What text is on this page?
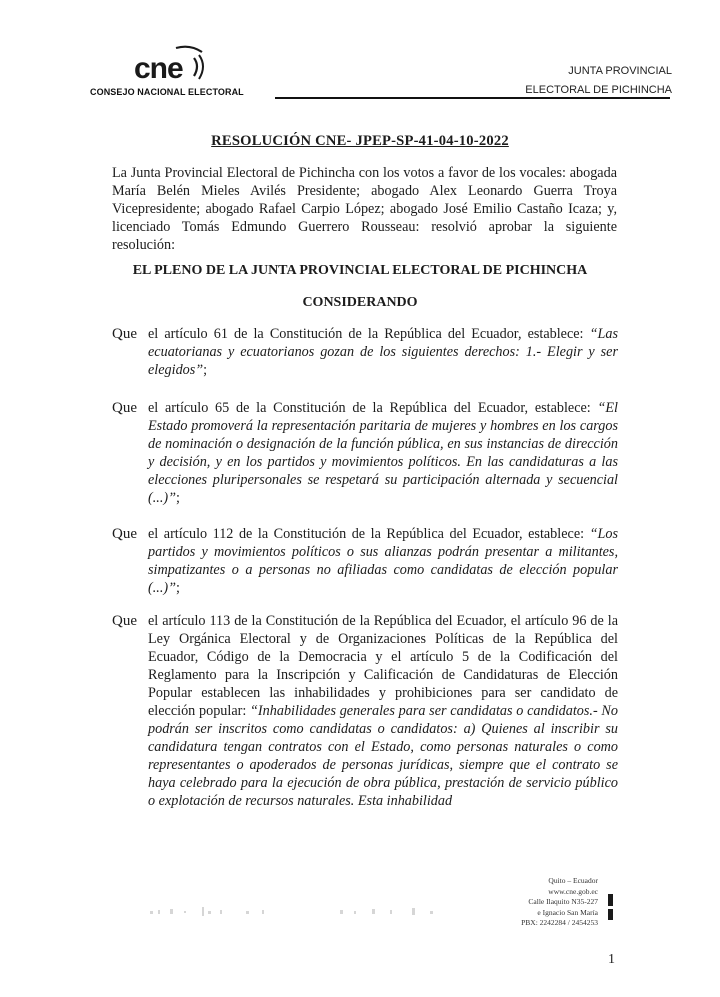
cne
CONSEJO NACIONAL ELECTORAL
JUNTA PROVINCIAL
ELECTORAL DE PICHINCHA
RESOLUCIÓN CNE- JPEP-SP-41-04-10-2022
La Junta Provincial Electoral de Pichincha con los votos a favor de los vocales: abogada María Belén Mieles Avilés Presidente; abogado Alex Leonardo Guerra Troya Vicepresidente; abogado Rafael Carpio López; abogado José Emilio Castaño Icaza; y, licenciado Tomás Edmundo Guerrero Rousseau: resolvió aprobar la siguiente resolución:
EL PLENO DE LA JUNTA PROVINCIAL ELECTORAL DE PICHINCHA
CONSIDERANDO
Que el artículo 61 de la Constitución de la República del Ecuador, establece: “Las ecuatorianas y ecuatorianos gozan de los siguientes derechos: 1.- Elegir y ser elegidos”;
Que el artículo 65 de la Constitución de la República del Ecuador, establece: “El Estado promoverá la representación paritaria de mujeres y hombres en los cargos de nominación o designación de la función pública, en sus instancias de dirección y decisión, y en los partidos y movimientos políticos. En las candidaturas a las elecciones pluripersonales se respetará su participación alternada y secuencial (...)”;
Que el artículo 112 de la Constitución de la República del Ecuador, establece: “Los partidos y movimientos políticos o sus alianzas podrán presentar a militantes, simpatizantes o a personas no afiliadas como candidatas de elección popular (...)”;
Que el artículo 113 de la Constitución de la República del Ecuador, el artículo 96 de la Ley Orgánica Electoral y de Organizaciones Políticas de la República del Ecuador, Código de la Democracia y el artículo 5 de la Codificación del Reglamento para la Inscripción y Calificación de Candidaturas de Elección Popular establecen las inhabilidades y prohibiciones para ser candidato de elección popular: “Inhabilidades generales para ser candidatas o candidatos.- No podrán ser inscritos como candidatas o candidatos: a) Quienes al inscribir su candidatura tengan contratos con el Estado, como personas naturales o como representantes o apoderados de personas jurídicas, siempre que el contrato se haya celebrado para la ejecución de obra pública, prestación de servicio público o explotación de recursos naturales. Esta inhabilidad
Quito – Ecuador
www.cne.gob.ec
Calle Ilaquito N35-227
e Ignacio San María
PBX: 2242284 / 2454253
1
